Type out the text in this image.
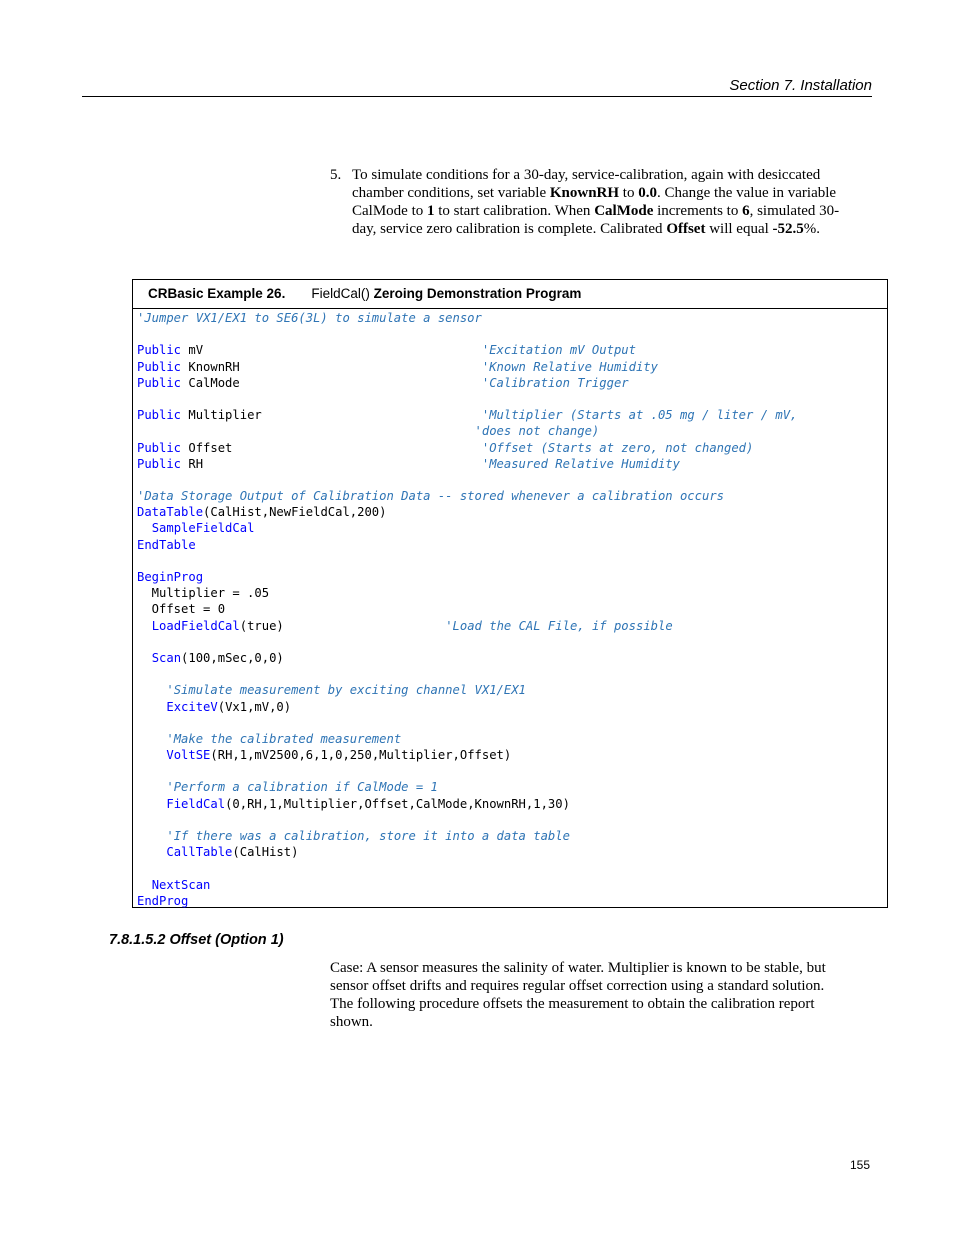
Section 7. Installation
5. To simulate conditions for a 30-day, service-calibration, again with desiccated chamber conditions, set variable KnownRH to 0.0. Change the value in variable CalMode to 1 to start calibration. When CalMode increments to 6, simulated 30-day, service zero calibration is complete. Calibrated Offset will equal -52.5%.
CRBasic Example 26. FieldCal() Zeroing Demonstration Program
'Jumper VX1/EX1 to SE6(3L) to simulate a sensor
Public mV                                      'Excitation mV Output
Public KnownRH                                 'Known Relative Humidity
Public CalMode                                 'Calibration Trigger
Public Multiplier                              'Multiplier (Starts at .05 mg / liter / mV,
'does not change)
Public Offset                                  'Offset (Starts at zero, not changed)
Public RH                                      'Measured Relative Humidity
'Data Storage Output of Calibration Data -- stored whenever a calibration occurs
DataTable(CalHist,NewFieldCal,200)
SampleFieldCal
EndTable
BeginProg
Multiplier = .05
Offset = 0
LoadFieldCal(true)                      'Load the CAL File, if possible
Scan(100,mSec,0,0)
'Simulate measurement by exciting channel VX1/EX1
ExciteV(Vx1,mV,0)
'Make the calibrated measurement
VoltSE(RH,1,mV2500,6,1,0,250,Multiplier,Offset)
'Perform a calibration if CalMode = 1
FieldCal(0,RH,1,Multiplier,Offset,CalMode,KnownRH,1,30)
'If there was a calibration, store it into a data table
CallTable(CalHist)
NextScan
EndProg
7.8.1.5.2 Offset (Option 1)
Case: A sensor measures the salinity of water. Multiplier is known to be stable, but sensor offset drifts and requires regular offset correction using a standard solution. The following procedure offsets the measurement to obtain the calibration report shown.
155
